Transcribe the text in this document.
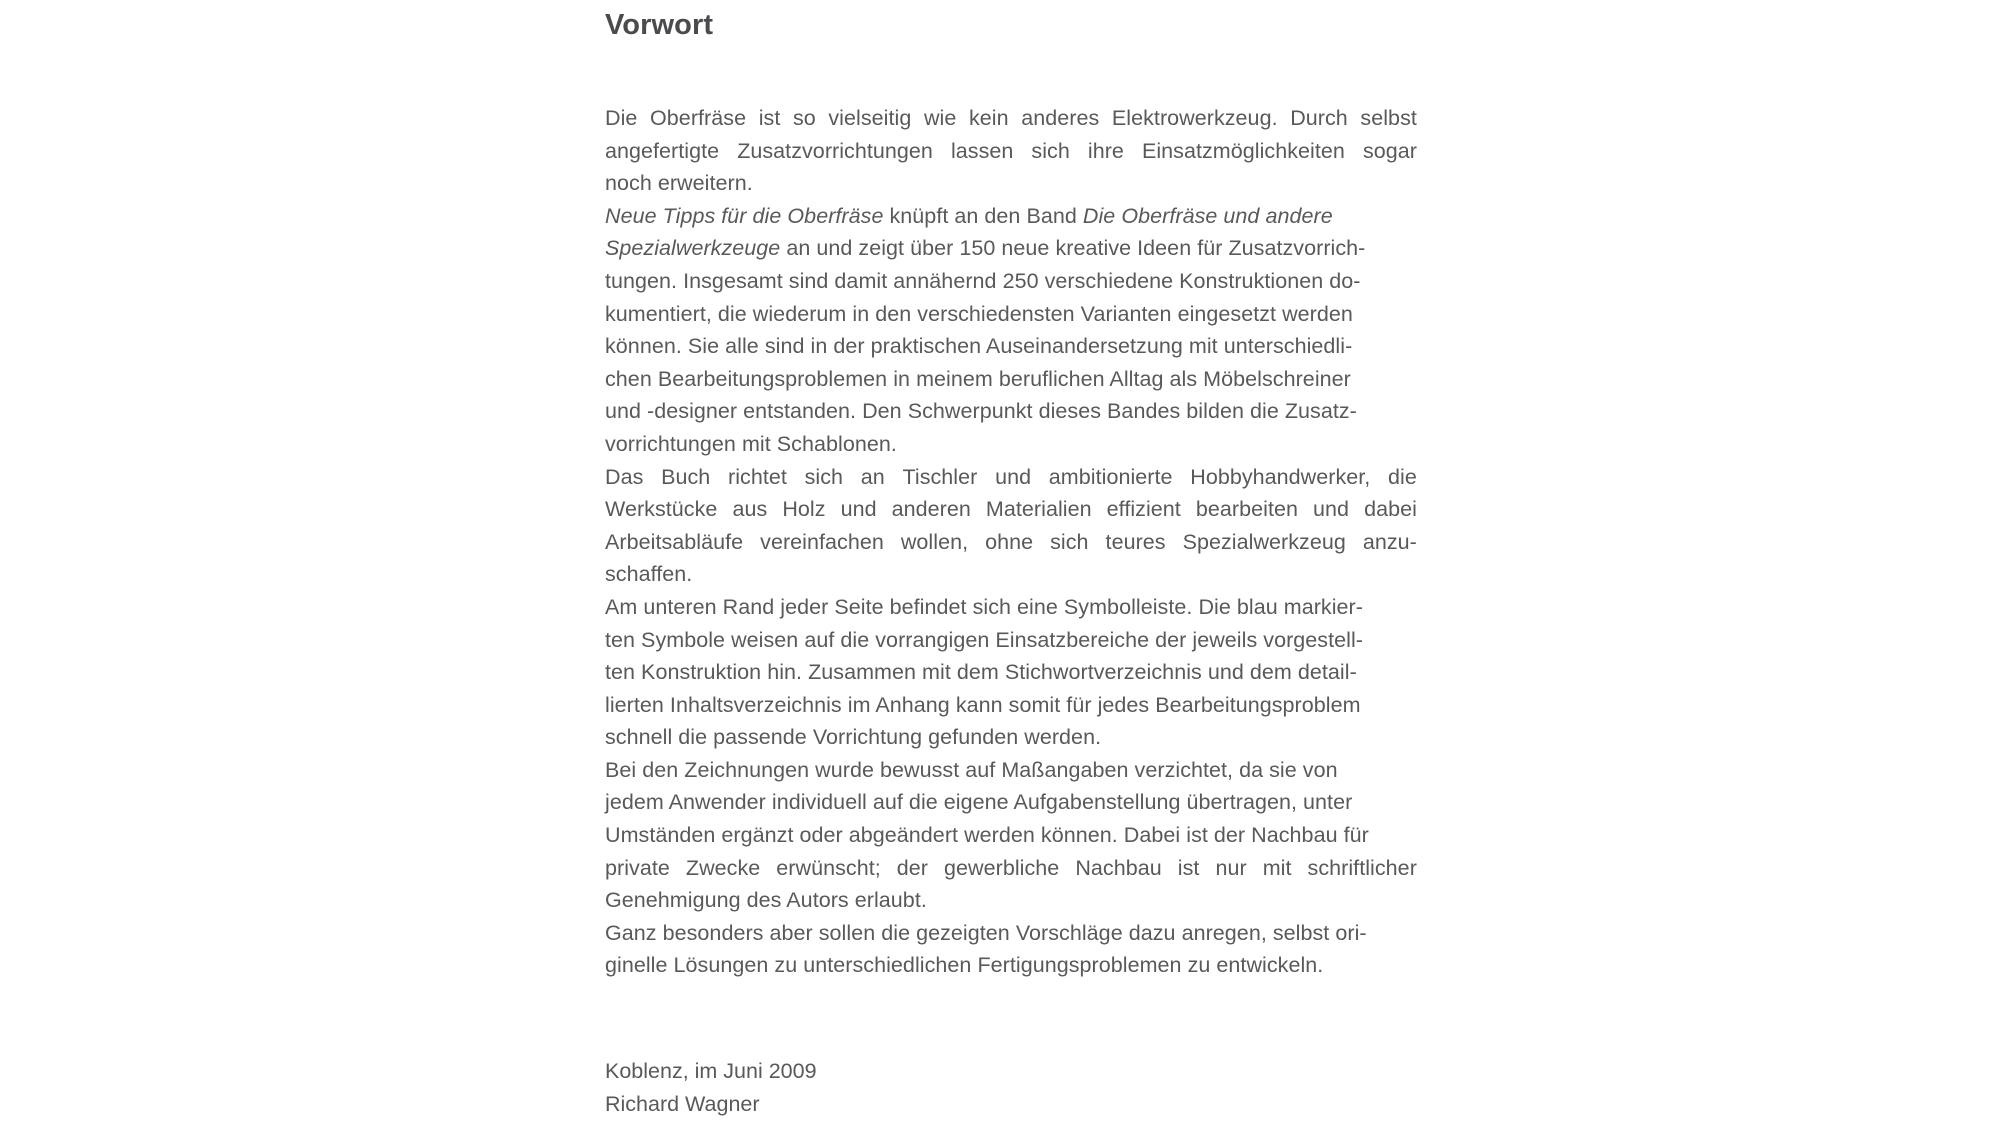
Vorwort

Die Oberfräse ist so vielseitig wie kein anderes Elektrowerkzeug. Durch selbst
angefertigte Zusatzvorrichtungen lassen sich ihre Einsatzmöglichkeiten sogar
noch erweitern.

Neue Tipps für die Oberfräse knüpft an den Band Die Oberfräse und andere
Spezialwerkzeuge an und zeigt über 150 neue kreative Ideen für Zusatzvorrich-
tungen. Insgesamt sind damit annähernd 250 verschiedene Konstruktionen do-
kumentiert, die wiederum in den verschiedensten Varianten eingesetzt werden
können. Sie alle sind in der praktischen Auseinandersetzung mit unterschiedli-
chen Bearbeitungsproblemen in meinem beruflichen Alltag als Möbelschreiner
und -designer entstanden. Den Schwerpunkt dieses Bandes bilden die Zusatz-
vorrichtungen mit Schablonen.

Das Buch richtet sich an Tischler und ambitionierte Hobbyhandwerker, die
Werkstücke aus Holz und anderen Materialien effizient bearbeiten und dabei
Arbeitsabläufe vereinfachen wollen, ohne sich teures Spezialwerkzeug anzu-
schaffen.

Am unteren Rand jeder Seite befindet sich eine Symbolleiste. Die blau markier-
ten Symbole weisen auf die vorrangigen Einsatzbereiche der jeweils vorgestell-
ten Konstruktion hin. Zusammen mit dem Stichwortverzeichnis und dem detail-
lierten Inhaltsverzeichnis im Anhang kann somit für jedes Bearbeitungsproblem
schnell die passende Vorrichtung gefunden werden.

Bei den Zeichnungen wurde bewusst auf Maßangaben verzichtet, da sie von
jedem Anwender individuell auf die eigene Aufgabenstellung übertragen, unter
Umständen ergänzt oder abgeändert werden können. Dabei ist der Nachbau für
private Zwecke erwünscht; der gewerbliche Nachbau ist nur mit schriftlicher
Genehmigung des Autors erlaubt.

Ganz besonders aber sollen die gezeigten Vorschläge dazu anregen, selbst ori-
ginelle Lösungen zu unterschiedlichen Fertigungsproblemen zu entwickeln.

Koblenz, im Juni 2009
Richard Wagner
